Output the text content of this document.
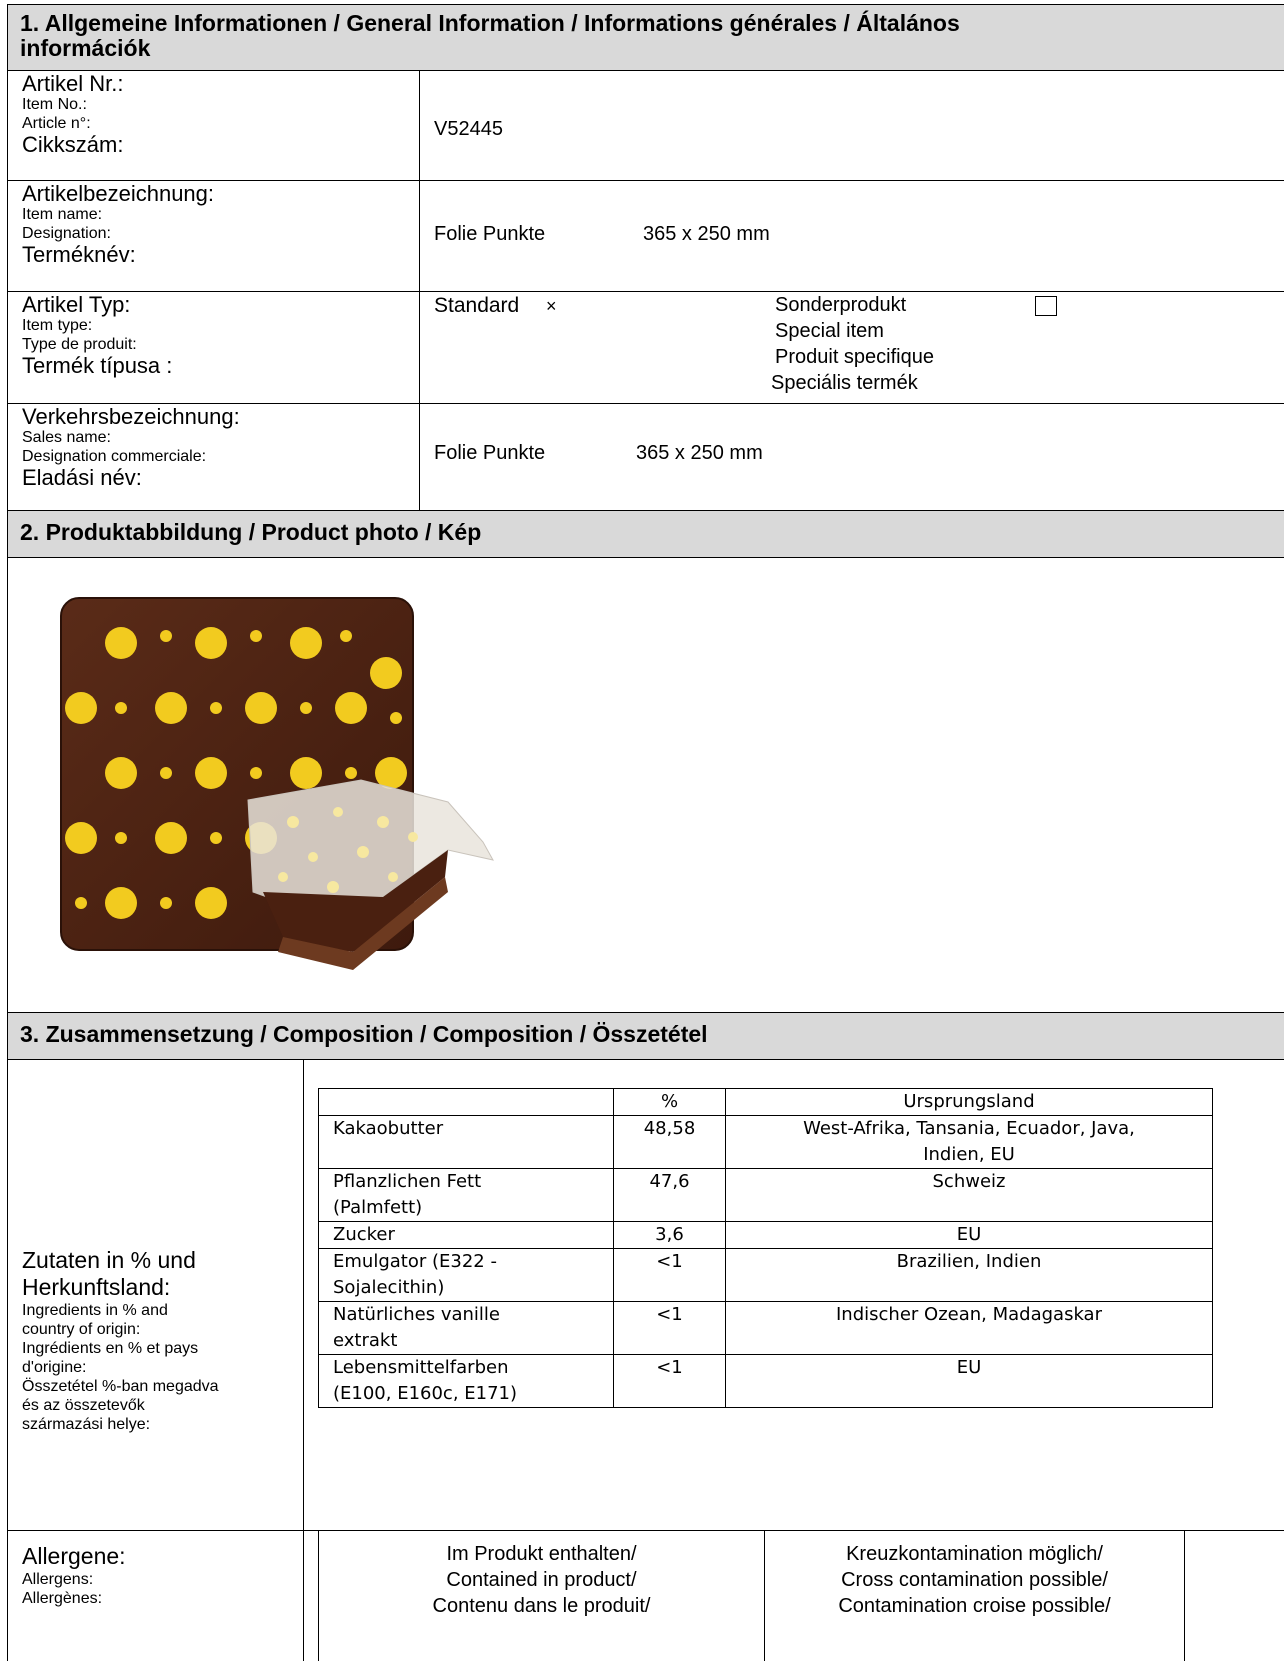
1. Allgemeine Informationen / General Information / Informations générales / Általános
információk
Artikel Nr.:
Item No.:
Article n°:
Cikkszám:
V52445
Artikelbezeichnung:
Item name:
Designation:
Terméknév:
Folie Punkte	365 x 250 mm
Artikel Typ:
Item type:
Type de produit:
Termék típusa :
Standard ×	Sonderprodukt
Special item
Produit specifique
Speciális termék
Verkehrsbezeichnung:
Sales name:
Designation commerciale:
Eladási név:
Folie Punkte	365 x 250 mm
2. Produktabbildung / Product photo / Kép
3. Zusammensetzung / Composition / Composition / Összetétel
Zutaten in % und
Herkunftsland:
Ingredients in % and
country of origin:
Ingrédients en % et pays
d'origine:
Összetétel %-ban megadva
és az összetevők
származási helye:
	%	Ursprungsland

Kakaobutter	48,58	West-Afrika, Tansania, Ecuador, Java,
Indien, EU

Pflanzlichen Fett
(Palmfett)	47,6	Schweiz

Zucker	3,6	EU

Emulgator (E322 -
Sojalecithin)	<1	Brazilien, Indien

Natürliches vanille
extrakt	<1	Indischer Ozean, Madagaskar

Lebensmittelfarben
(E100, E160c, E171)	<1	EU
Allergene:
Allergens:
Allergènes:
Im Produkt enthalten/
Contained in product/
Contenu dans le produit/
Kreuzkontamination möglich/
Cross contamination possible/
Contamination croise possible/
